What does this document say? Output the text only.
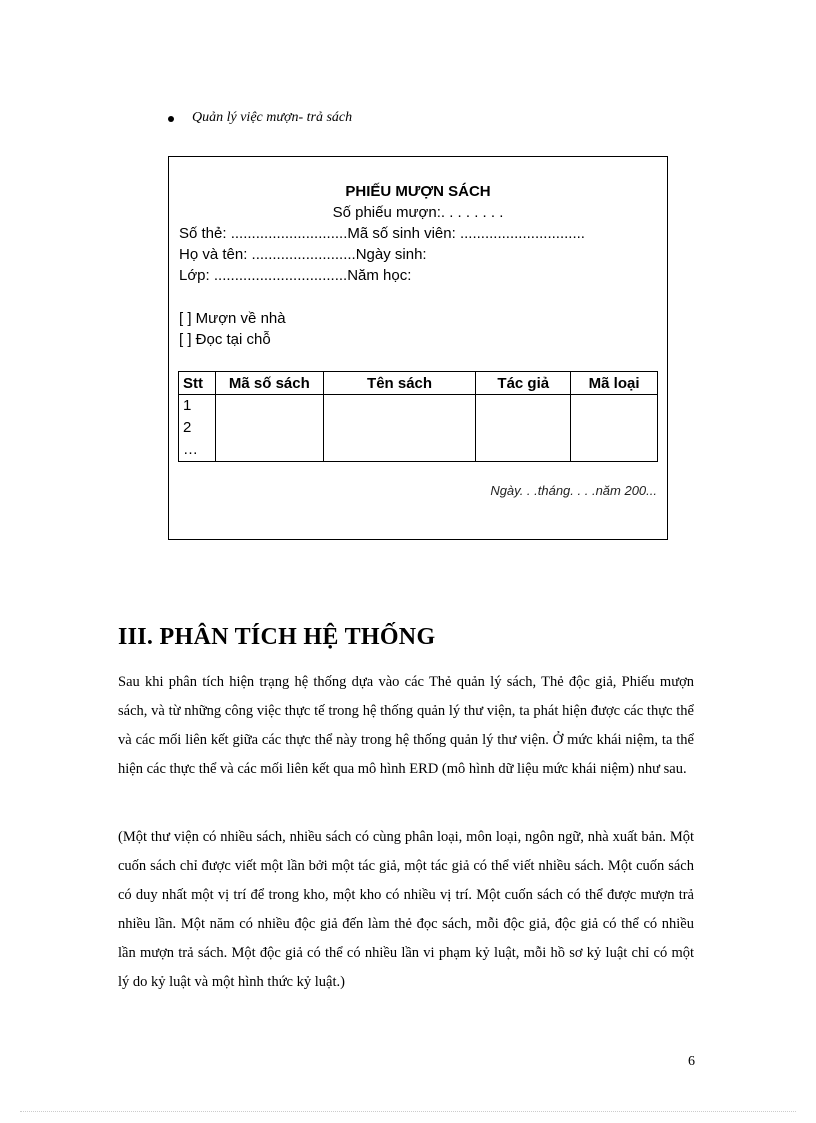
Quản lý việc mượn- trả sách
PHIẾU MƯỢN SÁCH
Số phiếu mượn:. . . . . . . .
Số thẻ: ............................Mã số sinh viên: ..............................
Họ và tên: .........................Ngày sinh:
Lớp: ................................Năm học:
[ ] Mượn về nhà
[ ] Đọc tại chỗ
Stt	Mã số sách	Tên sách	Tác giả	Mã loại

1
2
…				

Ngày. . .tháng. . . .năm 200...
III. PHÂN TÍCH HỆ THỐNG

Sau khi phân tích hiện trạng hệ thống dựa vào các Thẻ quản lý sách, Thẻ độc giả, Phiếu mượn sách, và từ những công việc thực tế trong hệ thống quản lý thư viện, ta phát hiện được các thực thể và các mối liên kết giữa các thực thể này trong hệ thống quản lý thư viện. Ở mức khái niệm, ta thể hiện các thực thể và các mối liên kết qua mô hình ERD (mô hình dữ liệu mức khái niệm) như sau.

(Một thư viện có nhiều sách, nhiều sách có cùng phân loại, môn loại, ngôn ngữ, nhà xuất bản. Một cuốn sách chỉ được viết một lần bởi một tác giả, một tác giả có thể viết nhiều sách. Một cuốn sách có duy nhất một vị trí để trong kho, một kho có nhiều vị trí. Một cuốn sách có thể được mượn trả nhiều lần. Một năm có nhiều độc giả đến làm thẻ đọc sách, mỗi độc giả, độc giả có thể có nhiều lần mượn trả sách. Một độc giả có thể có nhiều lần vi phạm kỷ luật, mỗi hồ sơ kỷ luật chỉ có một lý do kỷ luật và một hình thức kỷ luật.)

6
